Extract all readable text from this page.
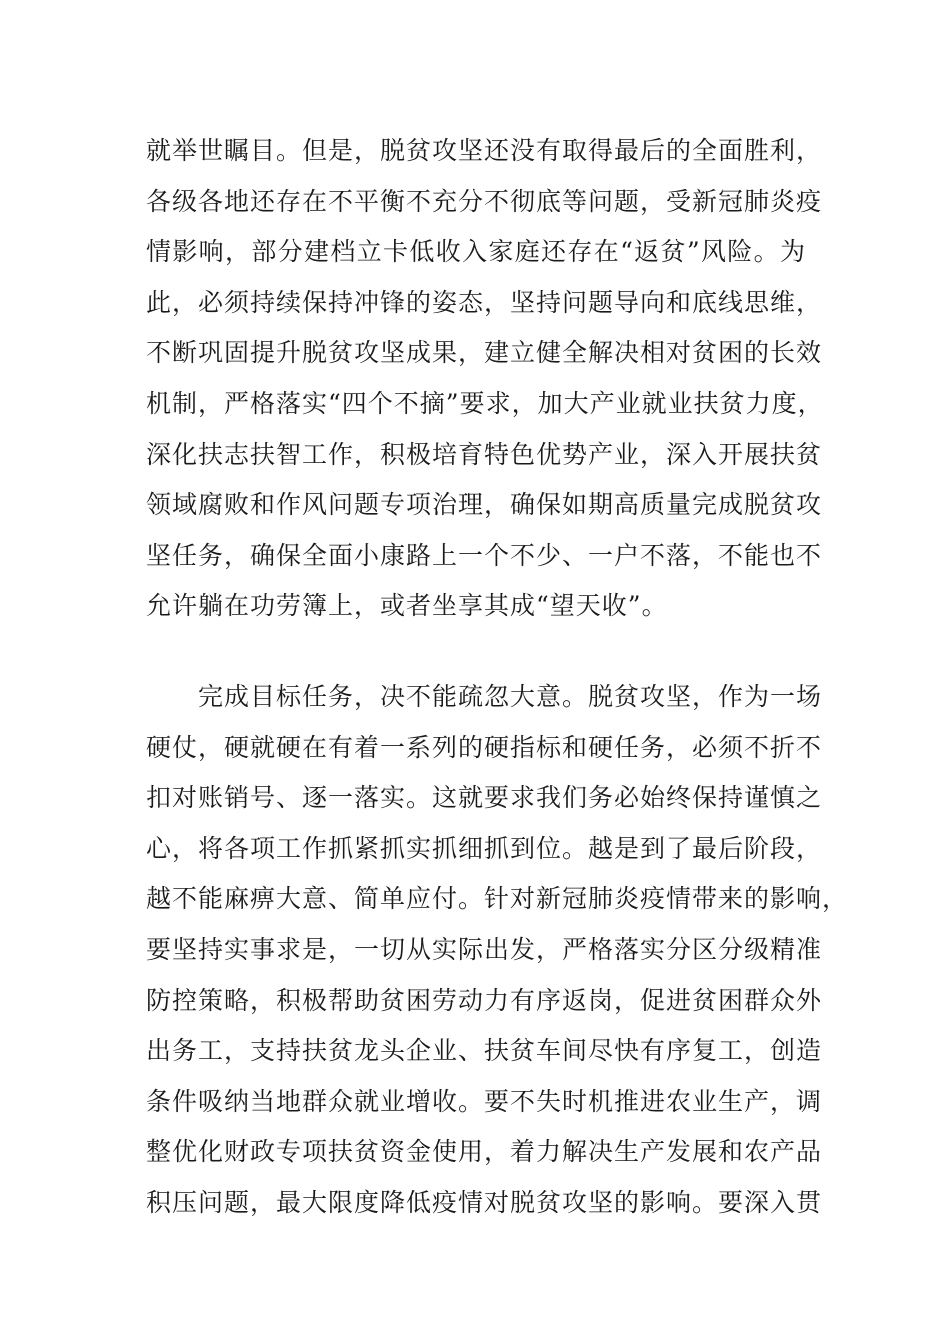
就举世瞩目。但是，脱贫攻坚还没有取得最后的全面胜利，
各级各地还存在不平衡不充分不彻底等问题，受新冠肺炎疫
情影响，部分建档立卡低收入家庭还存在“返贫”风险。为
此，必须持续保持冲锋的姿态，坚持问题导向和底线思维，
不断巩固提升脱贫攻坚成果，建立健全解决相对贫困的长效
机制，严格落实“四个不摘”要求，加大产业就业扶贫力度，
深化扶志扶智工作，积极培育特色优势产业，深入开展扶贫
领域腐败和作风问题专项治理，确保如期高质量完成脱贫攻
坚任务，确保全面小康路上一个不少、一户不落，不能也不
允许躺在功劳簿上，或者坐享其成“望天收”。
完成目标任务，决不能疏忽大意。脱贫攻坚，作为一场
硬仗，硬就硬在有着一系列的硬指标和硬任务，必须不折不
扣对账销号、逐一落实。这就要求我们务必始终保持谨慎之
心，将各项工作抓紧抓实抓细抓到位。越是到了最后阶段，
越不能麻痹大意、简单应付。针对新冠肺炎疫情带来的影响，
要坚持实事求是，一切从实际出发，严格落实分区分级精准
防控策略，积极帮助贫困劳动力有序返岗，促进贫困群众外
出务工，支持扶贫龙头企业、扶贫车间尽快有序复工，创造
条件吸纳当地群众就业增收。要不失时机推进农业生产，调
整优化财政专项扶贫资金使用，着力解决生产发展和农产品
积压问题，最大限度降低疫情对脱贫攻坚的影响。要深入贯
